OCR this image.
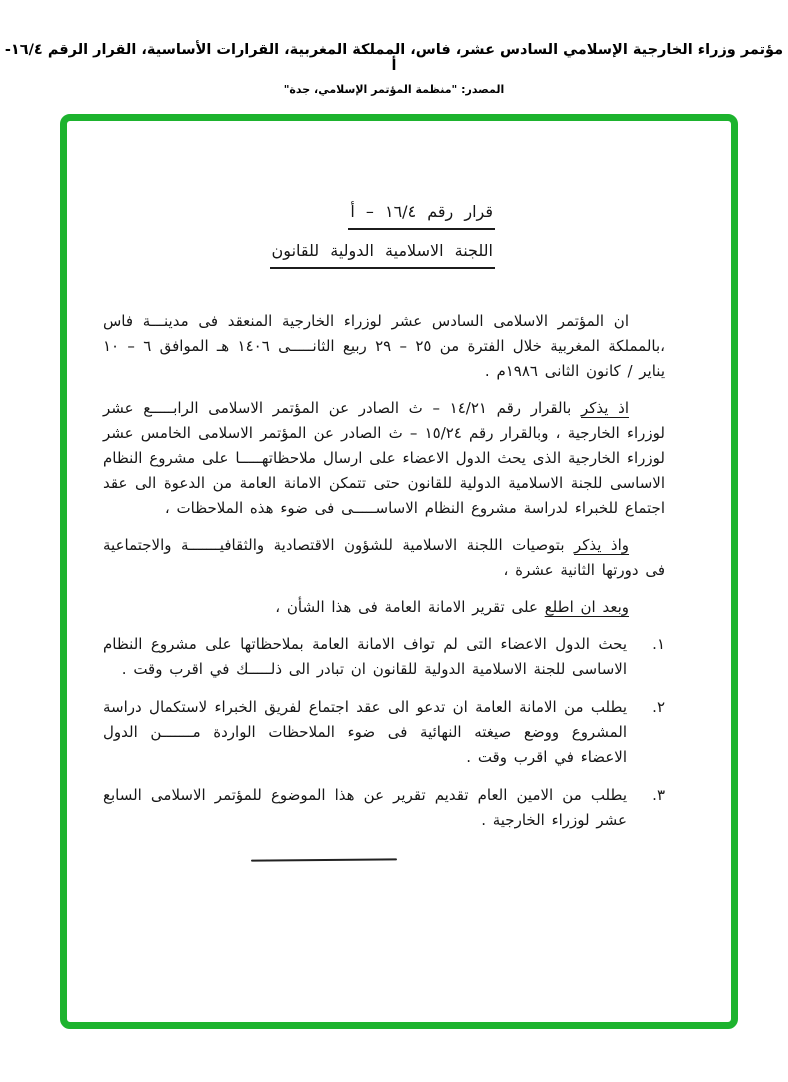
مؤتمر وزراء الخارجية الإسلامي السادس عشر، فاس، المملكة المغربية، القرارات الأساسية، القرار الرقم ١٦/٤- أ
المصدر: "منظمة المؤتمر الإسلامي، جدة"
قرار رقم ١٦/٤ – أ
اللجنة الاسلامية الدولية للقانون

ان المؤتمر الاسلامى السادس عشر لوزراء الخارجية المنعقد فى مدينـــة فاس ،بالمملكة المغربية خلال الفترة من ٢٥ – ٢٩ ربيع الثانـــــى ١٤٠٦ هـ الموافق ٦ – ١٠ يناير / كانون الثانى ١٩٨٦م .

اذ يذكر بالقرار رقم ١٤/٢١ – ث الصادر عن المؤتمر الاسلامى الرابـــــع عشر لوزراء الخارجية ، وبالقرار رقم ١٥/٢٤ – ث الصادر عن المؤتمر الاسلامى الخامس عشر لوزراء الخارجية الذى يحث الدول الاعضاء على ارسال ملاحظاتهـــــا على مشروع النظام الاساسى للجنة الاسلامية الدولية للقانون حتى تتمكن الامانة العامة من الدعوة الى عقد اجتماع للخبراء لدراسة مشروع النظام الاساســـــى فى ضوء هذه الملاحظات ،

واذ يذكر بتوصيات اللجنة الاسلامية للشؤون الاقتصادية والثقافيـــــــة والاجتماعية فى دورتها الثانية عشرة ،

وبعد ان اطلع على تقرير الامانة العامة فى هذا الشأن ،

١.

يحث الدول الاعضاء التى لم تواف الامانة العامة بملاحظاتها على مشروع النظام الاساسى للجنة الاسلامية الدولية للقانون ان تبادر الى ذلـــــك في اقرب وقت .

٢.

يطلب من الامانة العامة ان تدعو الى عقد اجتماع لفريق الخبراء لاستكمال دراسة المشروع ووضع صيغته النهائية فى ضوء الملاحظات الواردة مـــــــن الدول الاعضاء في اقرب وقت .

٣.

يطلب من الامين العام تقديم تقرير عن هذا الموضوع للمؤتمر الاسلامى السابع عشر لوزراء الخارجية .
